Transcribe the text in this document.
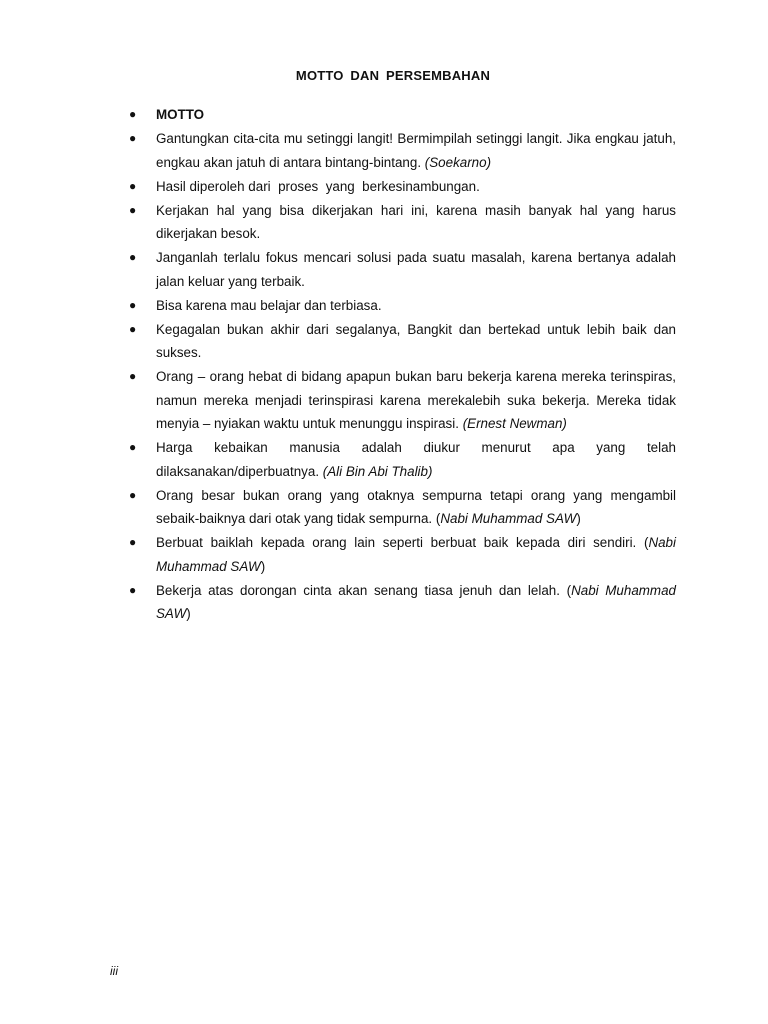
MOTTO DAN PERSEMBAHAN
● MOTTO
● Gantungkan cita-cita mu setinggi langit! Bermimpilah setinggi langit. Jika engkau jatuh, engkau akan jatuh di antara bintang-bintang. (Soekarno)
● Hasil diperoleh dari  proses  yang  berkesinambungan.
● Kerjakan hal yang bisa dikerjakan hari ini, karena masih banyak hal yang harus dikerjakan besok.
● Janganlah terlalu fokus mencari solusi pada suatu masalah, karena bertanya adalah jalan keluar yang terbaik.
● Bisa karena mau belajar dan terbiasa.
● Kegagalan bukan akhir dari segalanya, Bangkit dan bertekad untuk lebih baik dan sukses.
● Orang – orang hebat di bidang apapun bukan baru bekerja karena mereka terinspiras, namun mereka menjadi terinspirasi karena merekalebih suka bekerja. Mereka tidak menyia – nyiakan waktu untuk menunggu inspirasi. (Ernest Newman)
● Harga kebaikan manusia adalah diukur menurut apa yang telah dilaksanakan/diperbuatnya. (Ali Bin Abi Thalib)
● Orang besar bukan orang yang otaknya sempurna tetapi orang yang mengambil sebaik-baiknya dari otak yang tidak sempurna. (Nabi Muhammad SAW)
● Berbuat baiklah kepada orang lain seperti berbuat baik kepada diri sendiri. (Nabi Muhammad SAW)
● Bekerja atas dorongan cinta akan senang tiasa jenuh dan lelah. (Nabi Muhammad SAW)
iii
